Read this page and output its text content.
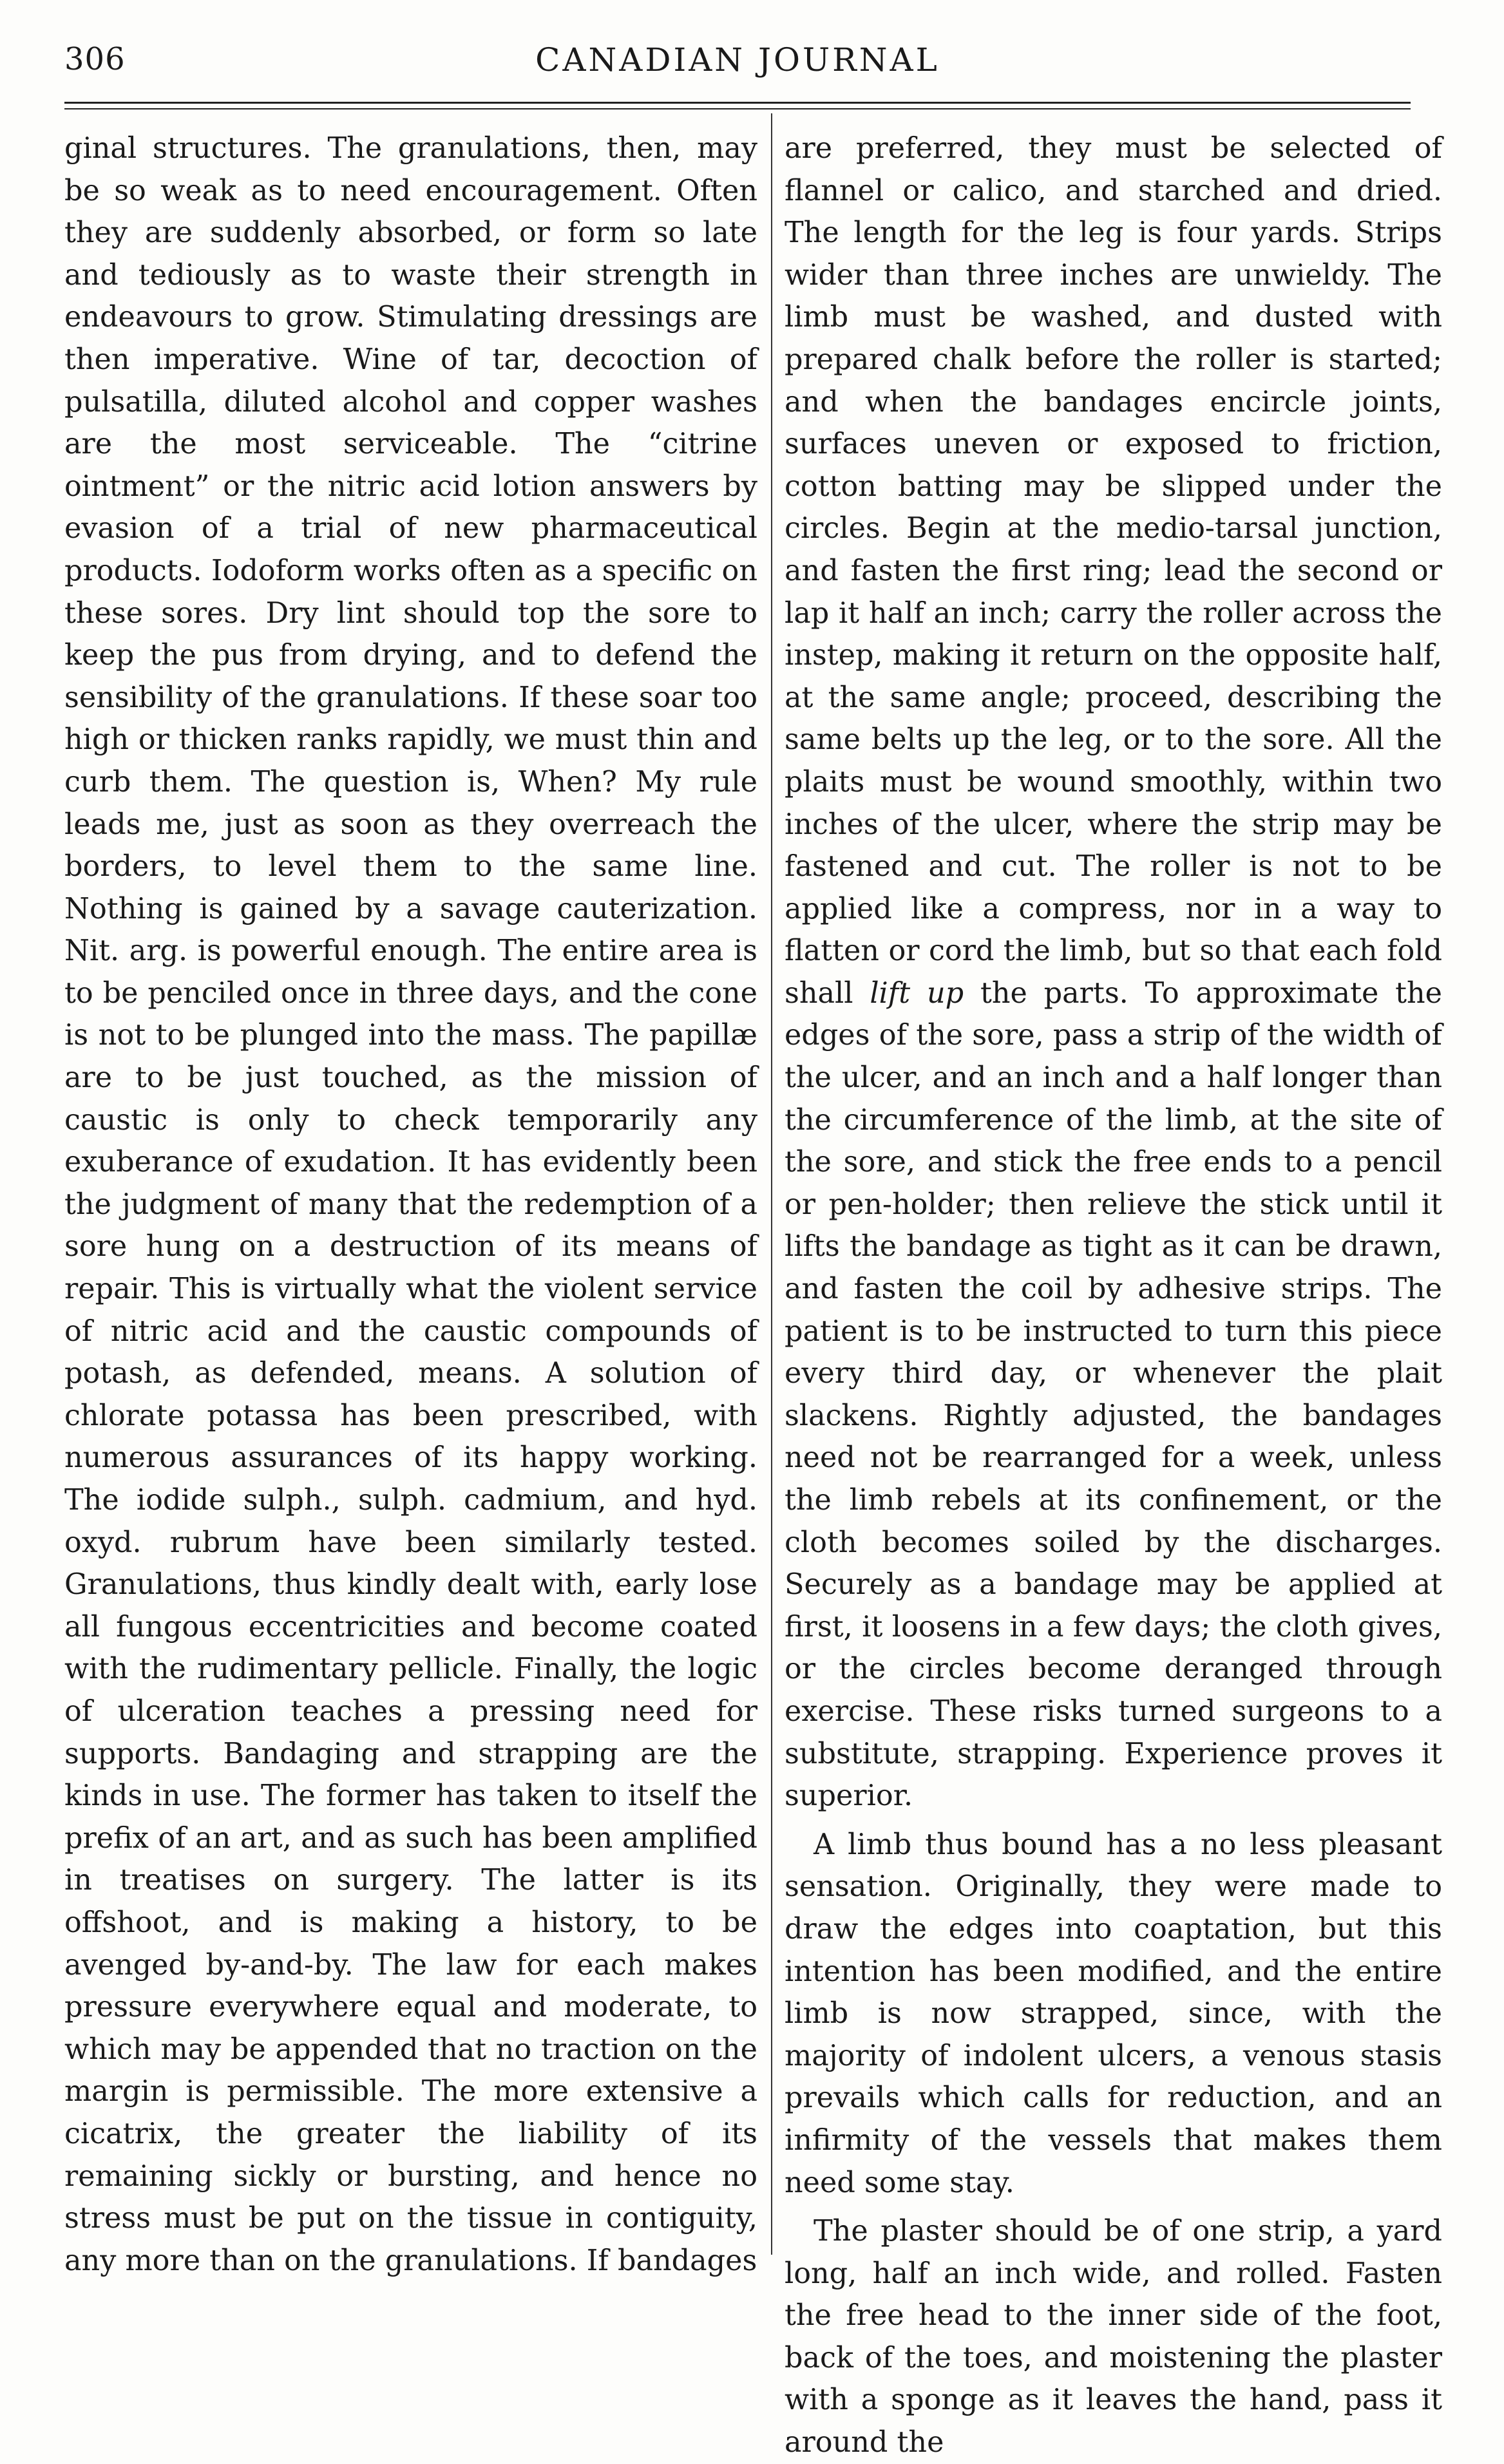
306	CANADIAN JOURNAL

ginal structures. The granulations, then, may be so weak as to need encouragement. Often they are suddenly absorbed, or form so late and tediously as to waste their strength in endeavours to grow. Stimulating dressings are then imperative. Wine of tar, decoction of pulsatilla, diluted alcohol and copper washes are the most serviceable. The “citrine ointment” or the nitric acid lotion answers by evasion of a trial of new pharmaceutical products. Iodoform works often as a specific on these sores. Dry lint should top the sore to keep the pus from drying, and to defend the sensibility of the granulations. If these soar too high or thicken ranks rapidly, we must thin and curb them. The question is, When? My rule leads me, just as soon as they overreach the borders, to level them to the same line. Nothing is gained by a savage cauterization. Nit. arg. is powerful enough. The entire area is to be penciled once in three days, and the cone is not to be plunged into the mass. The papillæ are to be just touched, as the mission of caustic is only to check temporarily any exuberance of exudation. It has evidently been the judgment of many that the redemption of a sore hung on a destruction of its means of repair. This is virtually what the violent service of nitric acid and the caustic compounds of potash, as defended, means. A solution of chlorate potassa has been prescribed, with numerous assurances of its happy working. The iodide sulph., sulph. cadmium, and hyd. oxyd. rubrum have been similarly tested. Granulations, thus kindly dealt with, early lose all fungous eccentricities and become coated with the rudimentary pellicle. Finally, the logic of ulceration teaches a pressing need for supports. Bandaging and strapping are the kinds in use. The former has taken to itself the prefix of an art, and as such has been amplified in treatises on surgery. The latter is its offshoot, and is making a history, to be avenged by-and-by. The law for each makes pressure everywhere equal and moderate, to which may be appended that no traction on the margin is permissible. The more extensive a cicatrix, the greater the liability of its remaining sickly or bursting, and hence no stress must be put on the tissue in contiguity, any more than on the granulations. If bandages

are preferred, they must be selected of flannel or calico, and starched and dried. The length for the leg is four yards. Strips wider than three inches are unwieldy. The limb must be washed, and dusted with prepared chalk before the roller is started; and when the bandages encircle joints, surfaces uneven or exposed to friction, cotton batting may be slipped under the circles. Begin at the medio-tarsal junction, and fasten the first ring; lead the second or lap it half an inch; carry the roller across the instep, making it return on the opposite half, at the same angle; proceed, describing the same belts up the leg, or to the sore. All the plaits must be wound smoothly, within two inches of the ulcer, where the strip may be fastened and cut. The roller is not to be applied like a compress, nor in a way to flatten or cord the limb, but so that each fold shall lift up the parts. To approximate the edges of the sore, pass a strip of the width of the ulcer, and an inch and a half longer than the circumference of the limb, at the site of the sore, and stick the free ends to a pencil or pen-holder; then relieve the stick until it lifts the bandage as tight as it can be drawn, and fasten the coil by adhesive strips. The patient is to be instructed to turn this piece every third day, or whenever the plait slackens. Rightly adjusted, the bandages need not be rearranged for a week, unless the limb rebels at its confinement, or the cloth becomes soiled by the discharges. Securely as a bandage may be applied at first, it loosens in a few days; the cloth gives, or the circles become deranged through exercise. These risks turned surgeons to a substitute, strapping. Experience proves it superior.

A limb thus bound has a no less pleasant sensation. Originally, they were made to draw the edges into coaptation, but this intention has been modified, and the entire limb is now strapped, since, with the majority of indolent ulcers, a venous stasis prevails which calls for reduction, and an infirmity of the vessels that makes them need some stay.

The plaster should be of one strip, a yard long, half an inch wide, and rolled. Fasten the free head to the inner side of the foot, back of the toes, and moistening the plaster with a sponge as it leaves the hand, pass it around the
